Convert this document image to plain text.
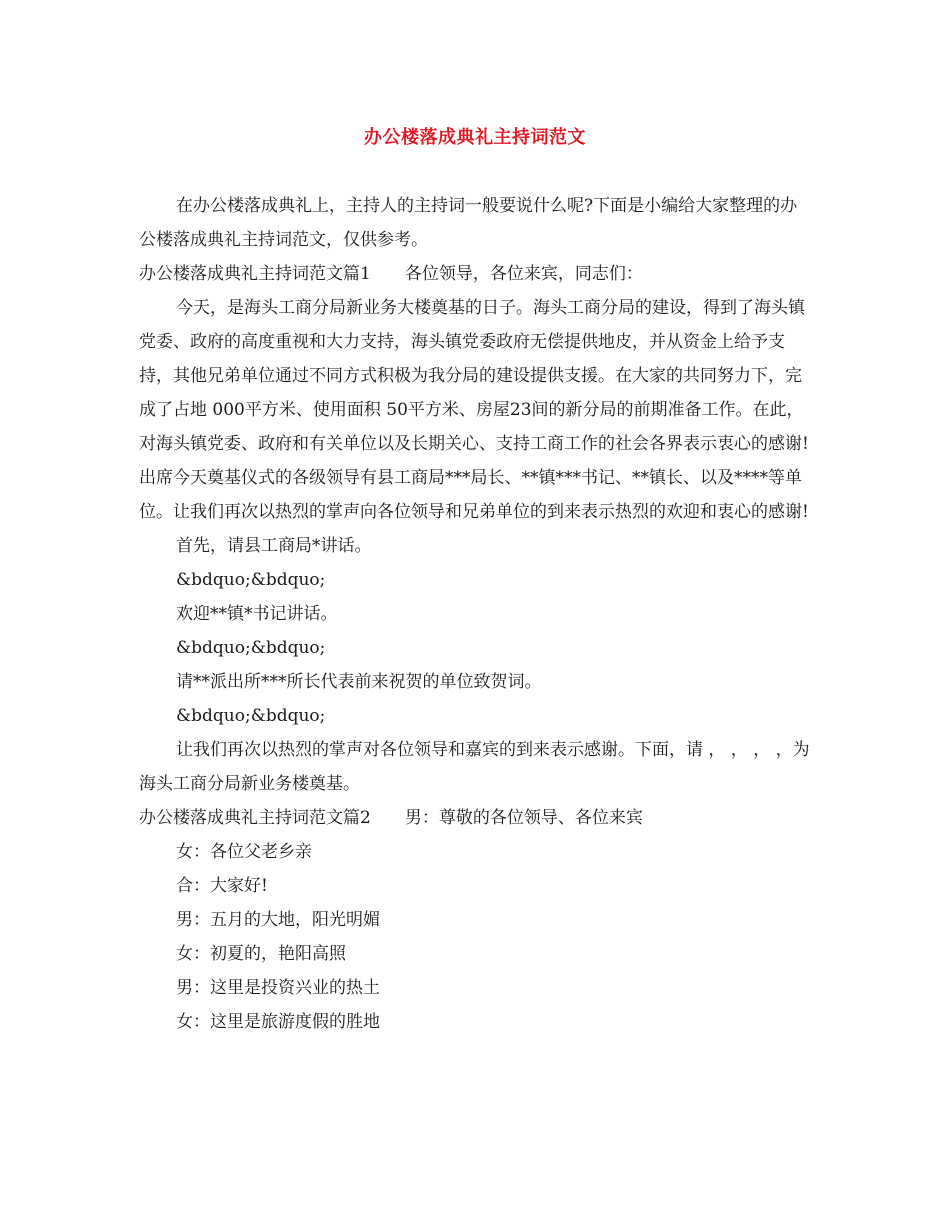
办公楼落成典礼主持词范文

在办公楼落成典礼上，主持人的主持词一般要说什么呢?下面是小编给大家整理的办公楼落成典礼主持词范文，仅供参考。

办公楼落成典礼主持词范文篇1　　各位领导，各位来宾，同志们：

今天，是海头工商分局新业务大楼奠基的日子。海头工商分局的建设，得到了海头镇党委、政府的高度重视和大力支持，海头镇党委政府无偿提供地皮，并从资金上给予支持，其他兄弟单位通过不同方式积极为我分局的建设提供支援。在大家的共同努力下，完成了占地 000平方米、使用面积 50平方米、房屋23间的新分局的前期准备工作。在此，对海头镇党委、政府和有关单位以及长期关心、支持工商工作的社会各界表示衷心的感谢!出席今天奠基仪式的各级领导有县工商局***局长、**镇***书记、**镇长、以及****等单位。让我们再次以热烈的掌声向各位领导和兄弟单位的到来表示热烈的欢迎和衷心的感谢!

首先，请县工商局*讲话。

&bdquo;&bdquo;

欢迎**镇*书记讲话。

&bdquo;&bdquo;

请**派出所***所长代表前来祝贺的单位致贺词。

&bdquo;&bdquo;

让我们再次以热烈的掌声对各位领导和嘉宾的到来表示感谢。下面，请 ， ， ， ，为海头工商分局新业务楼奠基。

办公楼落成典礼主持词范文篇2　　男：尊敬的各位领导、各位来宾

女：各位父老乡亲

合：大家好!

男：五月的大地，阳光明媚

女：初夏的，艳阳高照

男：这里是投资兴业的热土

女：这里是旅游度假的胜地
